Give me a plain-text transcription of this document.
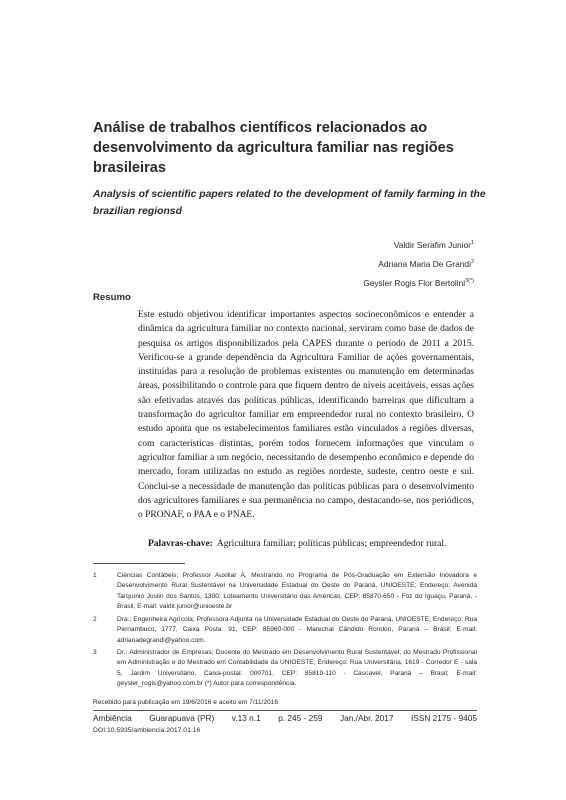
Análise de trabalhos científicos relacionados ao desenvolvimento da agricultura familiar nas regiões brasileiras
Analysis of scientific papers related to the development of family farming in the brazilian regionsd
Valdir Serafim Junior$^1$
Adriana Maria De Grandi$^2$
Geysler Rogis Flor Bertolini$^{3(*)}$
Resumo

Este estudo objetivou identificar importantes aspectos socioeconômicos e entender a dinâmica da agricultura familiar no contexto nacional, serviram como base de dados de pesquisa os artigos disponibilizados pela CAPES durante o período de 2011 a 2015. Verificou-se a grande dependência da Agricultura Familiar de ações governamentais, instituídas para a resolução de problemas existentes ou manutenção em determinadas áreas, possibilitando o controle para que fiquem dentro de níveis aceitáveis, essas ações são efetivadas através das políticas públicas, identificando barreiras que dificultam a transformação do agricultor familiar em empreendedor rural no contexto brasileiro. O estudo aponta que os estabelecimentos familiares estão vinculados a regiões diversas, com características distintas, porém todos fornecem informações que vinculam o agricultor familiar a um negócio, necessitando de desempenho econômico e depende do mercado, foram utilizadas no estudo as regiões nordeste, sudeste, centro oeste e sul. Conclui-se a necessidade de manutenção das políticas públicas para o desenvolvimento dos agricultores familiares e sua permanência no campo, destacando-se, nos periódicos, o PRONAF, o PAA e o PNAE.

Palavras-chave: Agricultura familiar; políticas públicas; empreendedor rural.
1	Ciências Contábeis; Professor Auxiliar A, Mestrando no Programa de Pós-Graduação em Extensão Inovadora e Desenvolvimento Rural Sustentável na Universidade Estadual do Oeste do Paraná, UNIOESTE; Endereço: Avenida Tarquínio Joslin dos Santos, 1300, Loteamento Universitário das Américas, CEP: 85870-650 - Foz do Iguaçu, Paraná, - Brasil; E-mail: valdir.junior@unioeste.br
2	Dra.; Engenheira Agrícola; Professora Adjunta na Universidade Estadual do Oeste do Paraná, UNIOESTE; Endereço: Rua Pernambuco, 1777, Caixa Posta: 91, CEP: 85960-000 - Marechal Cândido Rondon, Paraná – Brasil; E-mail: adrianadegrandi@yahoo.com.
3	Dr.; Administrador de Empresas; Docente do Mestrado em Desenvolvimento Rural Sustentável, do Mestrado Profissional em Administração e do Mestrado em Contabilidade da UNIOESTE; Endereço: Rua Universitária, 1619 - Corredor E - sala 5, Jardim Universitário, Caixa-postal: 000701, CEP: 85819-110 - Cascavel, Paraná – Brasil; E-mail: geysler_rogis@yahoo.com.br (*) Autor para correspondência.
Recebido para publicação em 19/6/2016 e aceito em 7/11/2016
Ambiência Guarapuava (PR) v.13 n.1 p. 245 - 259 Jan./Abr. 2017 ISSN 2175 - 9405
DOI:10.5935/ambiencia.2017.01.16
